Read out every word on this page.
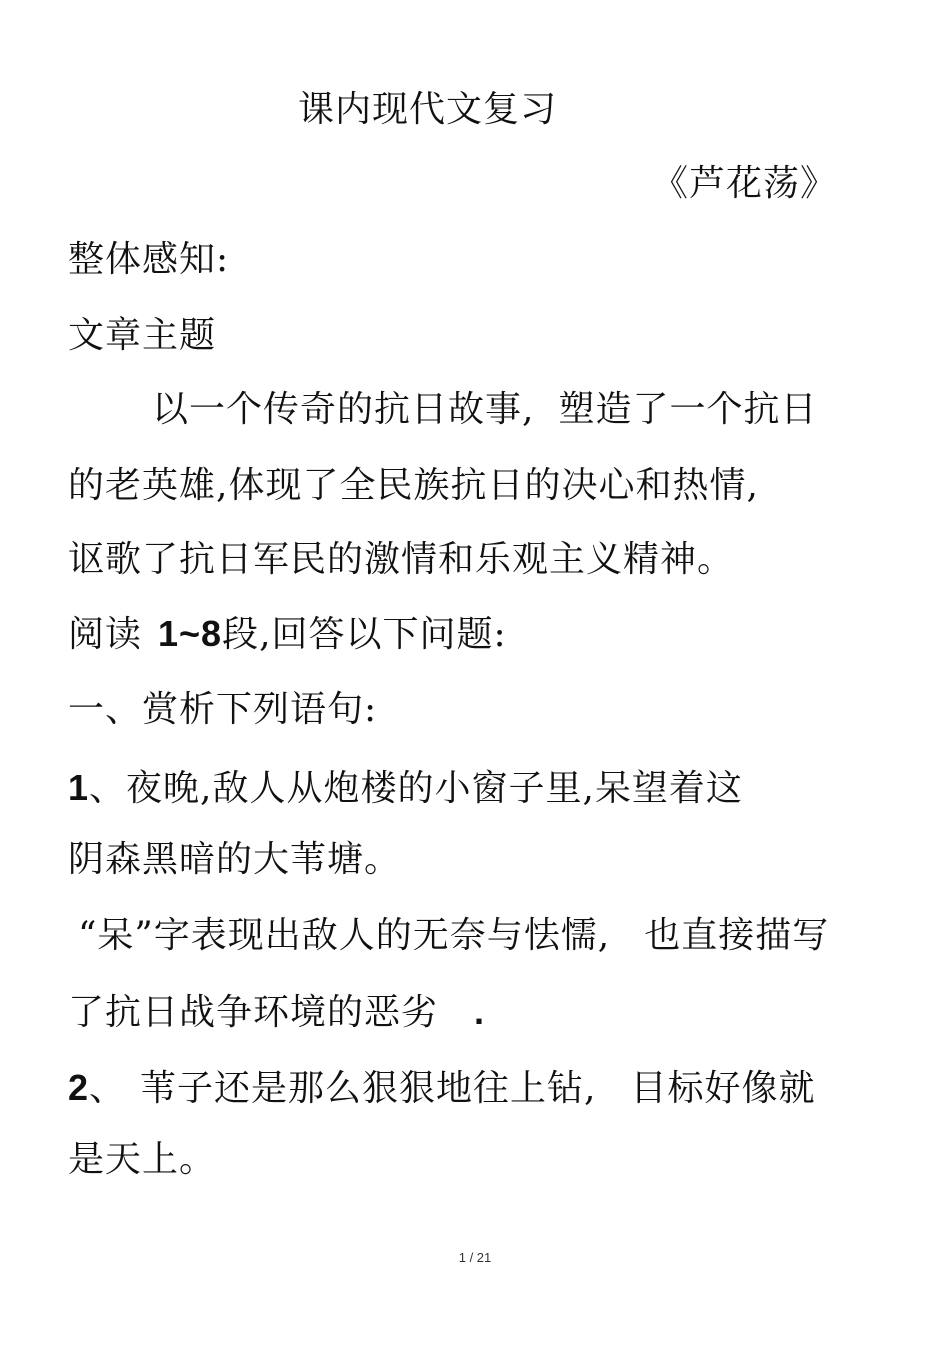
课内现代文复习
《芦花荡》
整体感知:
文章主题
以一个传奇的抗日故事, 塑造了一个抗日
的老英雄,体现了全民族抗日的决心和热情,
讴歌了抗日军民的激情和乐观主义精神。
阅读 1~8段,回答以下问题:
一、赏析下列语句:
1、夜晚,敌人从炮楼的小窗子里,呆望着这
阴森黑暗的大苇塘。
“呆”字表现出敌人的无奈与怯懦, 也直接描写
了抗日战争环境的恶劣 .
2、 苇子还是那么狠狠地往上钻, 目标好像就
是天上。
1 / 21
